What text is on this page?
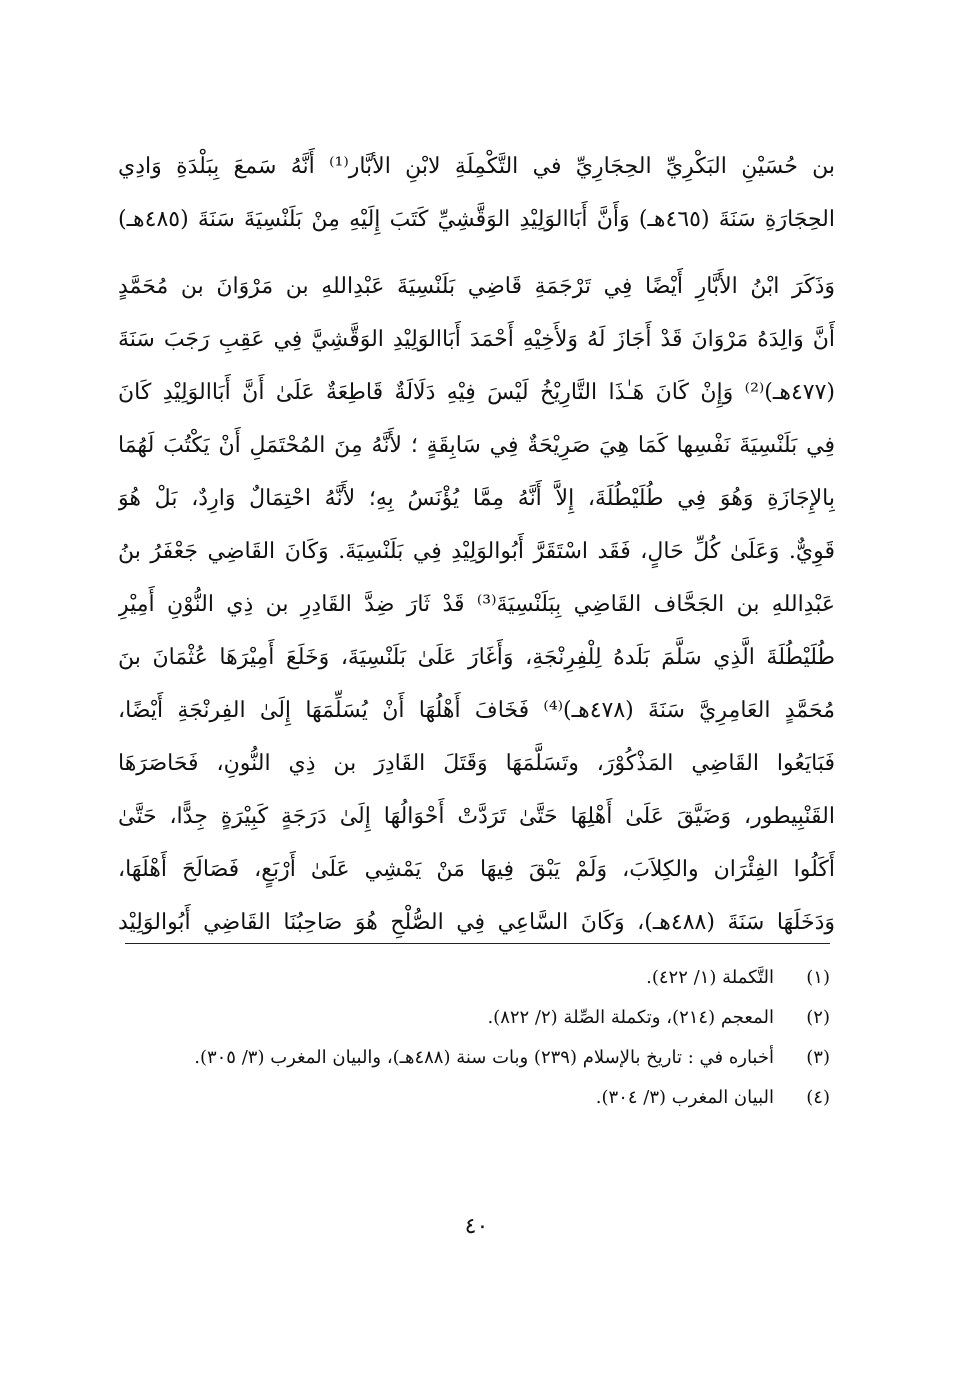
بن حُسَيْنِ البَكْرِيِّ الحِجَارِيِّ في التَّكْمِلَةِ لابْنِ الأبَّار⁽¹⁾ أَنَّهُ سَمعَ بِبَلْدَةِ وَادِي
الحِجَارَةِ سَنَةَ (٤٦٥هـ) وَأَنَّ أَبَاالوَلِيْدِ الوَقَّشِيِّ كَتَبَ إِلَيْهِ مِنْ بَلَنْسِيَةَ سَنَةَ (٤٨٥هـ)
وَذَكَرَ ابْنُ الأَبَّارِ أَيْضًا فِي تَرْجَمَةِ قَاضِي بَلَنْسِيَةَ عَبْدِاللهِ بن مَرْوَانَ بن مُحَمَّدٍ
أَنَّ وَالِدَهُ مَرْوَانَ قَدْ أَجَازَ لَهُ وَلأَخِيْهِ أَحْمَدَ أَبَاالوَلِيْدِ الوَقَّشِيَّ فِي عَقِبِ رَجَبَ سَنَةَ
(٤٧٧هـ)⁽²⁾ وَإِنْ كَانَ هَـٰذَا التَّارِيْخُ لَيْسَ فِيْهِ دَلَالَةٌ قَاطِعَةٌ عَلَىٰ أَنَّ أَبَاالوَلِيْدِ كَانَ
فِي بَلَنْسِيَةَ نَفْسِها كَمَا هِيَ صَرِيْحَةٌ فِي سَابِقَةٍ ؛ لأَنَّهُ مِنَ المُحْتَمَلِ أَنْ يَكْتُبَ لَهُمَا
بِالإِجَازَةِ وَهُوَ فِي طُلَيْطُلَةَ، إِلاَّ أَنَّهُ مِمَّا يُؤْنَسُ بِهِ؛ لأَنَّهُ احْتِمَالٌ وَارِدٌ، بَلْ هُوَ
قَوِيٌّ. وَعَلَىٰ كُلِّ حَالٍ، فَقَد اسْتَقَرَّ أَبُوالوَلِيْدِ فِي بَلَنْسِيَةَ. وَكَانَ القَاضِي جَعْفَرُ بنُ
عَبْدِاللهِ بن الجَحَّاف القَاضِي بِبَلَنْسِيَةَ⁽³⁾ قَدْ ثَارَ ضِدَّ القَادِرِ بن ذِي النُّوْنِ أَمِيْرِ
طُلَيْطُلَةَ الَّذِي سَلَّمَ بَلَدهُ لِلْفِرِنْجَةِ، وَأَغَارَ عَلَىٰ بَلَنْسِيَةَ، وَخَلَعَ أَمِيْرَهَا عُثْمَانَ بنَ
مُحَمَّدٍ العَامِرِيَّ سَنَةَ (٤٧٨هـ)⁽⁴⁾ فَخَافَ أَهْلُهَا أَنْ يُسَلِّمَهَا إِلَىٰ الفِرنْجَةِ أَيْضًا،
فَبَايَعُوا القَاضِي المَذْكُوْرَ، وتَسَلَّمَهَا وَقَتَلَ القَادِرَ بن ذِي النُّونِ، فَحَاصَرَهَا
القَنْبِيطور، وَضَيَّقَ عَلَىٰ أَهْلِهَا حَتَّىٰ تَرَدَّتْ أَحْوَالُهَا إِلَىٰ دَرَجَةٍ كَبِيْرَةٍ جِدًّا، حَتَّىٰ
أَكَلُوا الفِئْرَان والكِلاَبَ، وَلَمْ يَبْقَ فِيهَا مَنْ يَمْشِي عَلَىٰ أَرْبَعٍ، فَصَالَحَ أَهْلَهَا،
وَدَخَلَهَا سَنَةَ (٤٨٨هـ)، وَكَانَ السَّاعِي فِي الصُّلْحِ هُوَ صَاحِبُنَا القَاضِي أَبُوالوَلِيْد
(١)
التَّكملة (١/ ٤٢٢).
(٢)
المعجم (٢١٤)، وتكملة الصِّلة (٢/ ٨٢٢).
(٣)
أخباره في : تاريخ بالإسلام (٢٣٩) وبات سنة (٤٨٨هـ)، والبيان المغرب (٣/ ٣٠٥).
(٤)
البيان المغرب (٣/ ٣٠٤).
٤٠
